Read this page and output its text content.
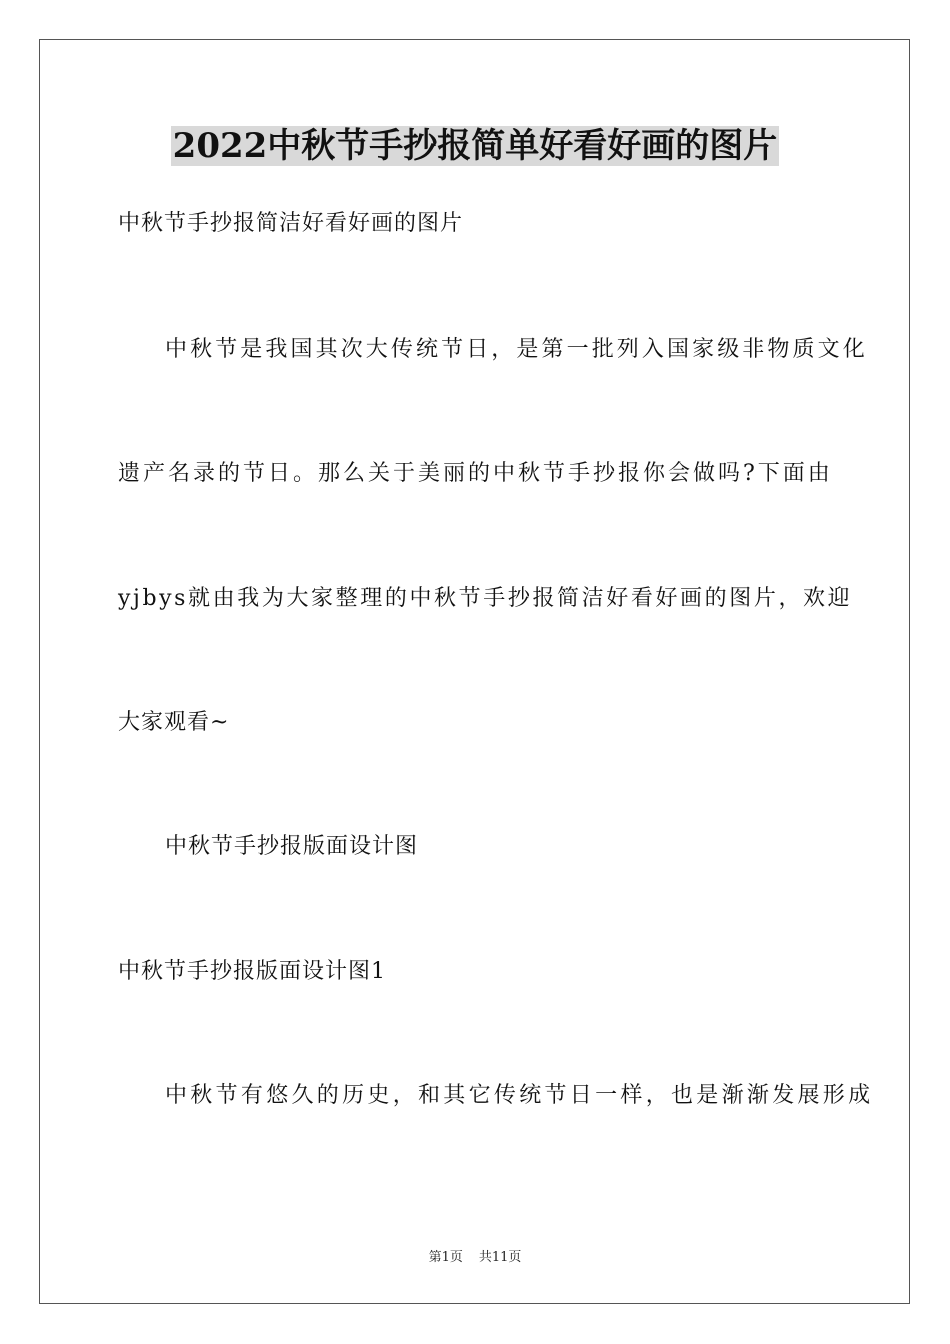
2022中秋节手抄报简单好看好画的图片
中秋节手抄报简洁好看好画的图片
中秋节是我国其次大传统节日，是第一批列入国家级非物质文化
遗产名录的节日。那么关于美丽的中秋节手抄报你会做吗?下面由
yjbys就由我为大家整理的中秋节手抄报简洁好看好画的图片，欢迎
大家观看~
中秋节手抄报版面设计图
中秋节手抄报版面设计图1
中秋节有悠久的历史，和其它传统节日一样，也是渐渐发展形成
第1页 共11页
